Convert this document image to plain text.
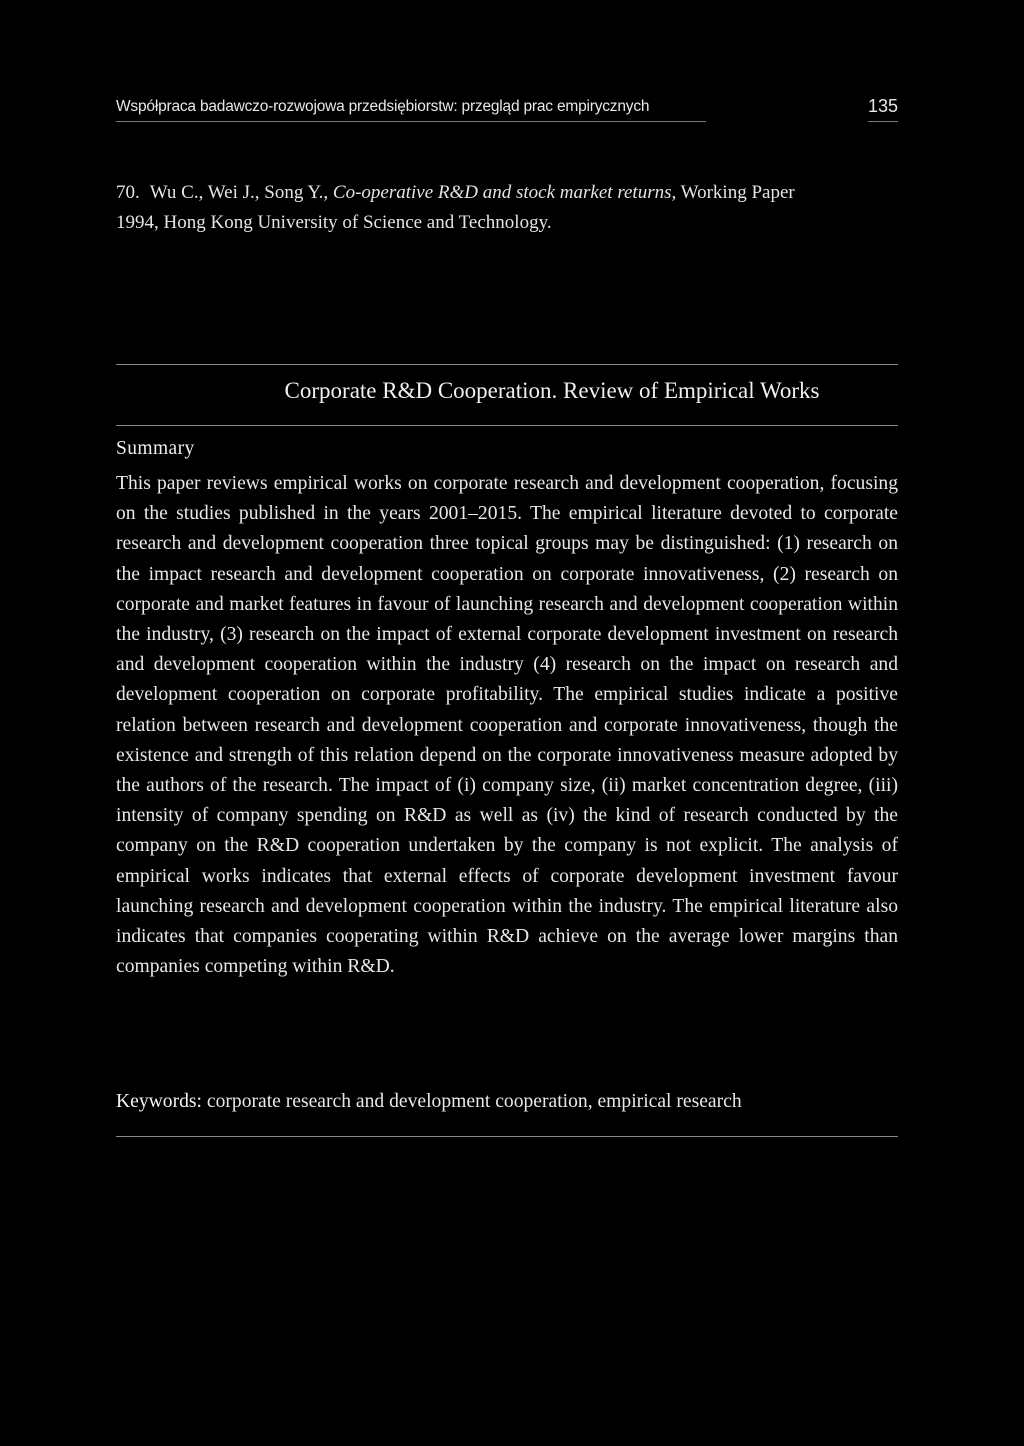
Współpraca badawczo-rozwojowa przedsiębiorstw: przegląd prac empirycznych	135
70. Wu C., Wei J., Song Y., Co-operative R&D and stock market returns, Working Paper
1994, Hong Kong University of Science and Technology.
Corporate R&D Cooperation. Review of Empirical Works
Summary

This paper reviews empirical works on corporate research and development cooperation, focusing on the studies published in the years 2001–2015. The empirical literature devoted to corporate research and development cooperation three topical groups may be distinguished: (1) research on the impact research and development cooperation on corporate innovativeness, (2) research on corporate and market features in favour of launching research and development cooperation within the industry, (3) research on the impact of external corporate development investment on research and development cooperation within the industry (4) research on the impact on research and development cooperation on corporate profitability. The empirical studies indicate a positive relation between research and development cooperation and corporate innovativeness, though the existence and strength of this relation depend on the corporate innovativeness measure adopted by the authors of the research. The impact of (i) company size, (ii) market concentration degree, (iii) intensity of company spending on R&D as well as (iv) the kind of research conducted by the company on the R&D cooperation undertaken by the company is not explicit. The analysis of empirical works indicates that external effects of corporate development investment favour launching research and development cooperation within the industry. The empirical literature also indicates that companies cooperating within R&D achieve on the average lower margins than companies competing within R&D.

Keywords: corporate research and development cooperation, empirical research
